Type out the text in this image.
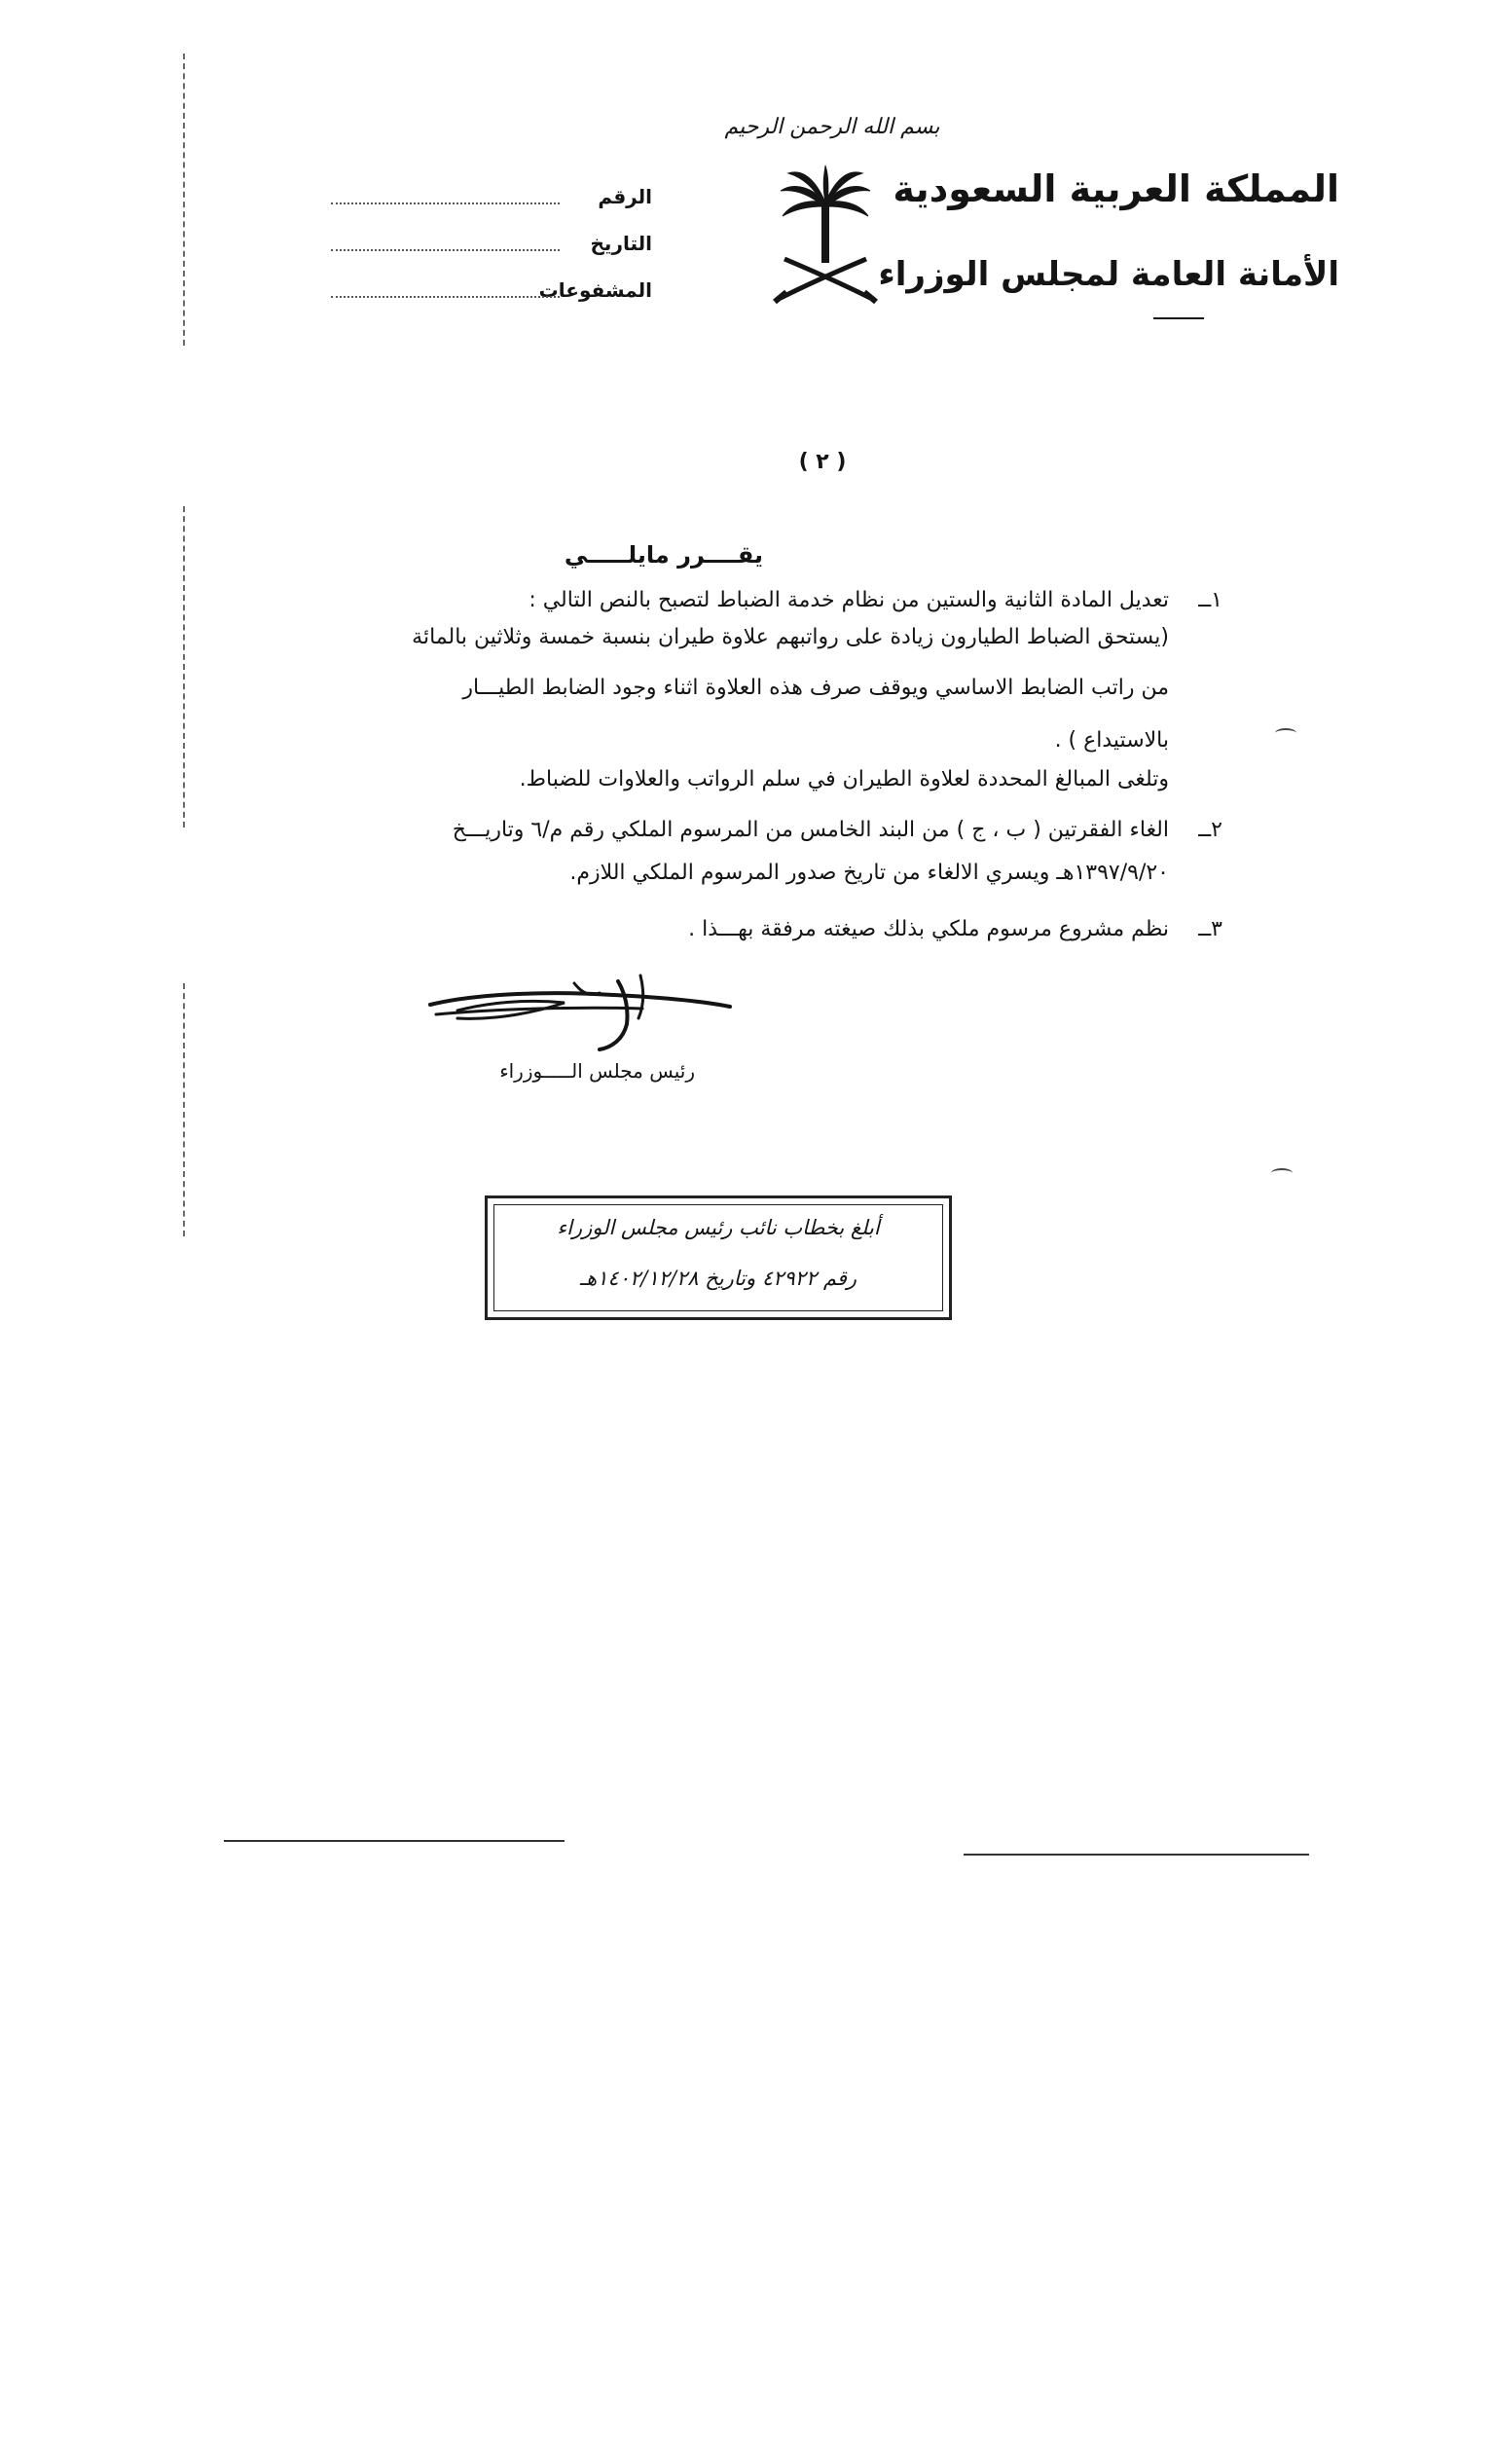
بسم الله الرحمن الرحيم
المملكة العربية السعودية
الأمانة العامة لمجلس الوزراء
الرقم
التاريخ
المشفوعات
( ٢ )
يقــــرر مايلـــــي
١ــ
تعديل المادة الثانية والستين من نظام خدمة الضباط لتصبح بالنص التالي :
(يستحق الضباط الطيارون زيادة على رواتبهم علاوة طيران بنسبة خمسة وثلاثين بالمائة
من راتب الضابط الاساسي ويوقف صرف هذه العلاوة اثناء وجود الضابط الطيـــار
بالاستيداع ) .
وتلغى المبالغ المحددة لعلاوة الطيران في سلم الرواتب والعلاوات للضباط.
٢ــ
الغاء الفقرتين ( ب ، ج ) من البند الخامس من المرسوم الملكي رقم م/٦ وتاريـــخ
١٣٩٧/٩/٢٠هـ ويسري الالغاء من تاريخ صدور المرسوم الملكي اللازم.
٣ــ
نظم مشروع مرسوم ملكي بذلك صيغته مرفقة بهـــذا .
رئيس مجلس الـــــوزراء
أبلغ بخطاب نائب رئيس مجلس الوزراء
رقم ٤٢٩٢٢ وتاريخ ١٤٠٢/١٢/٢٨هـ
